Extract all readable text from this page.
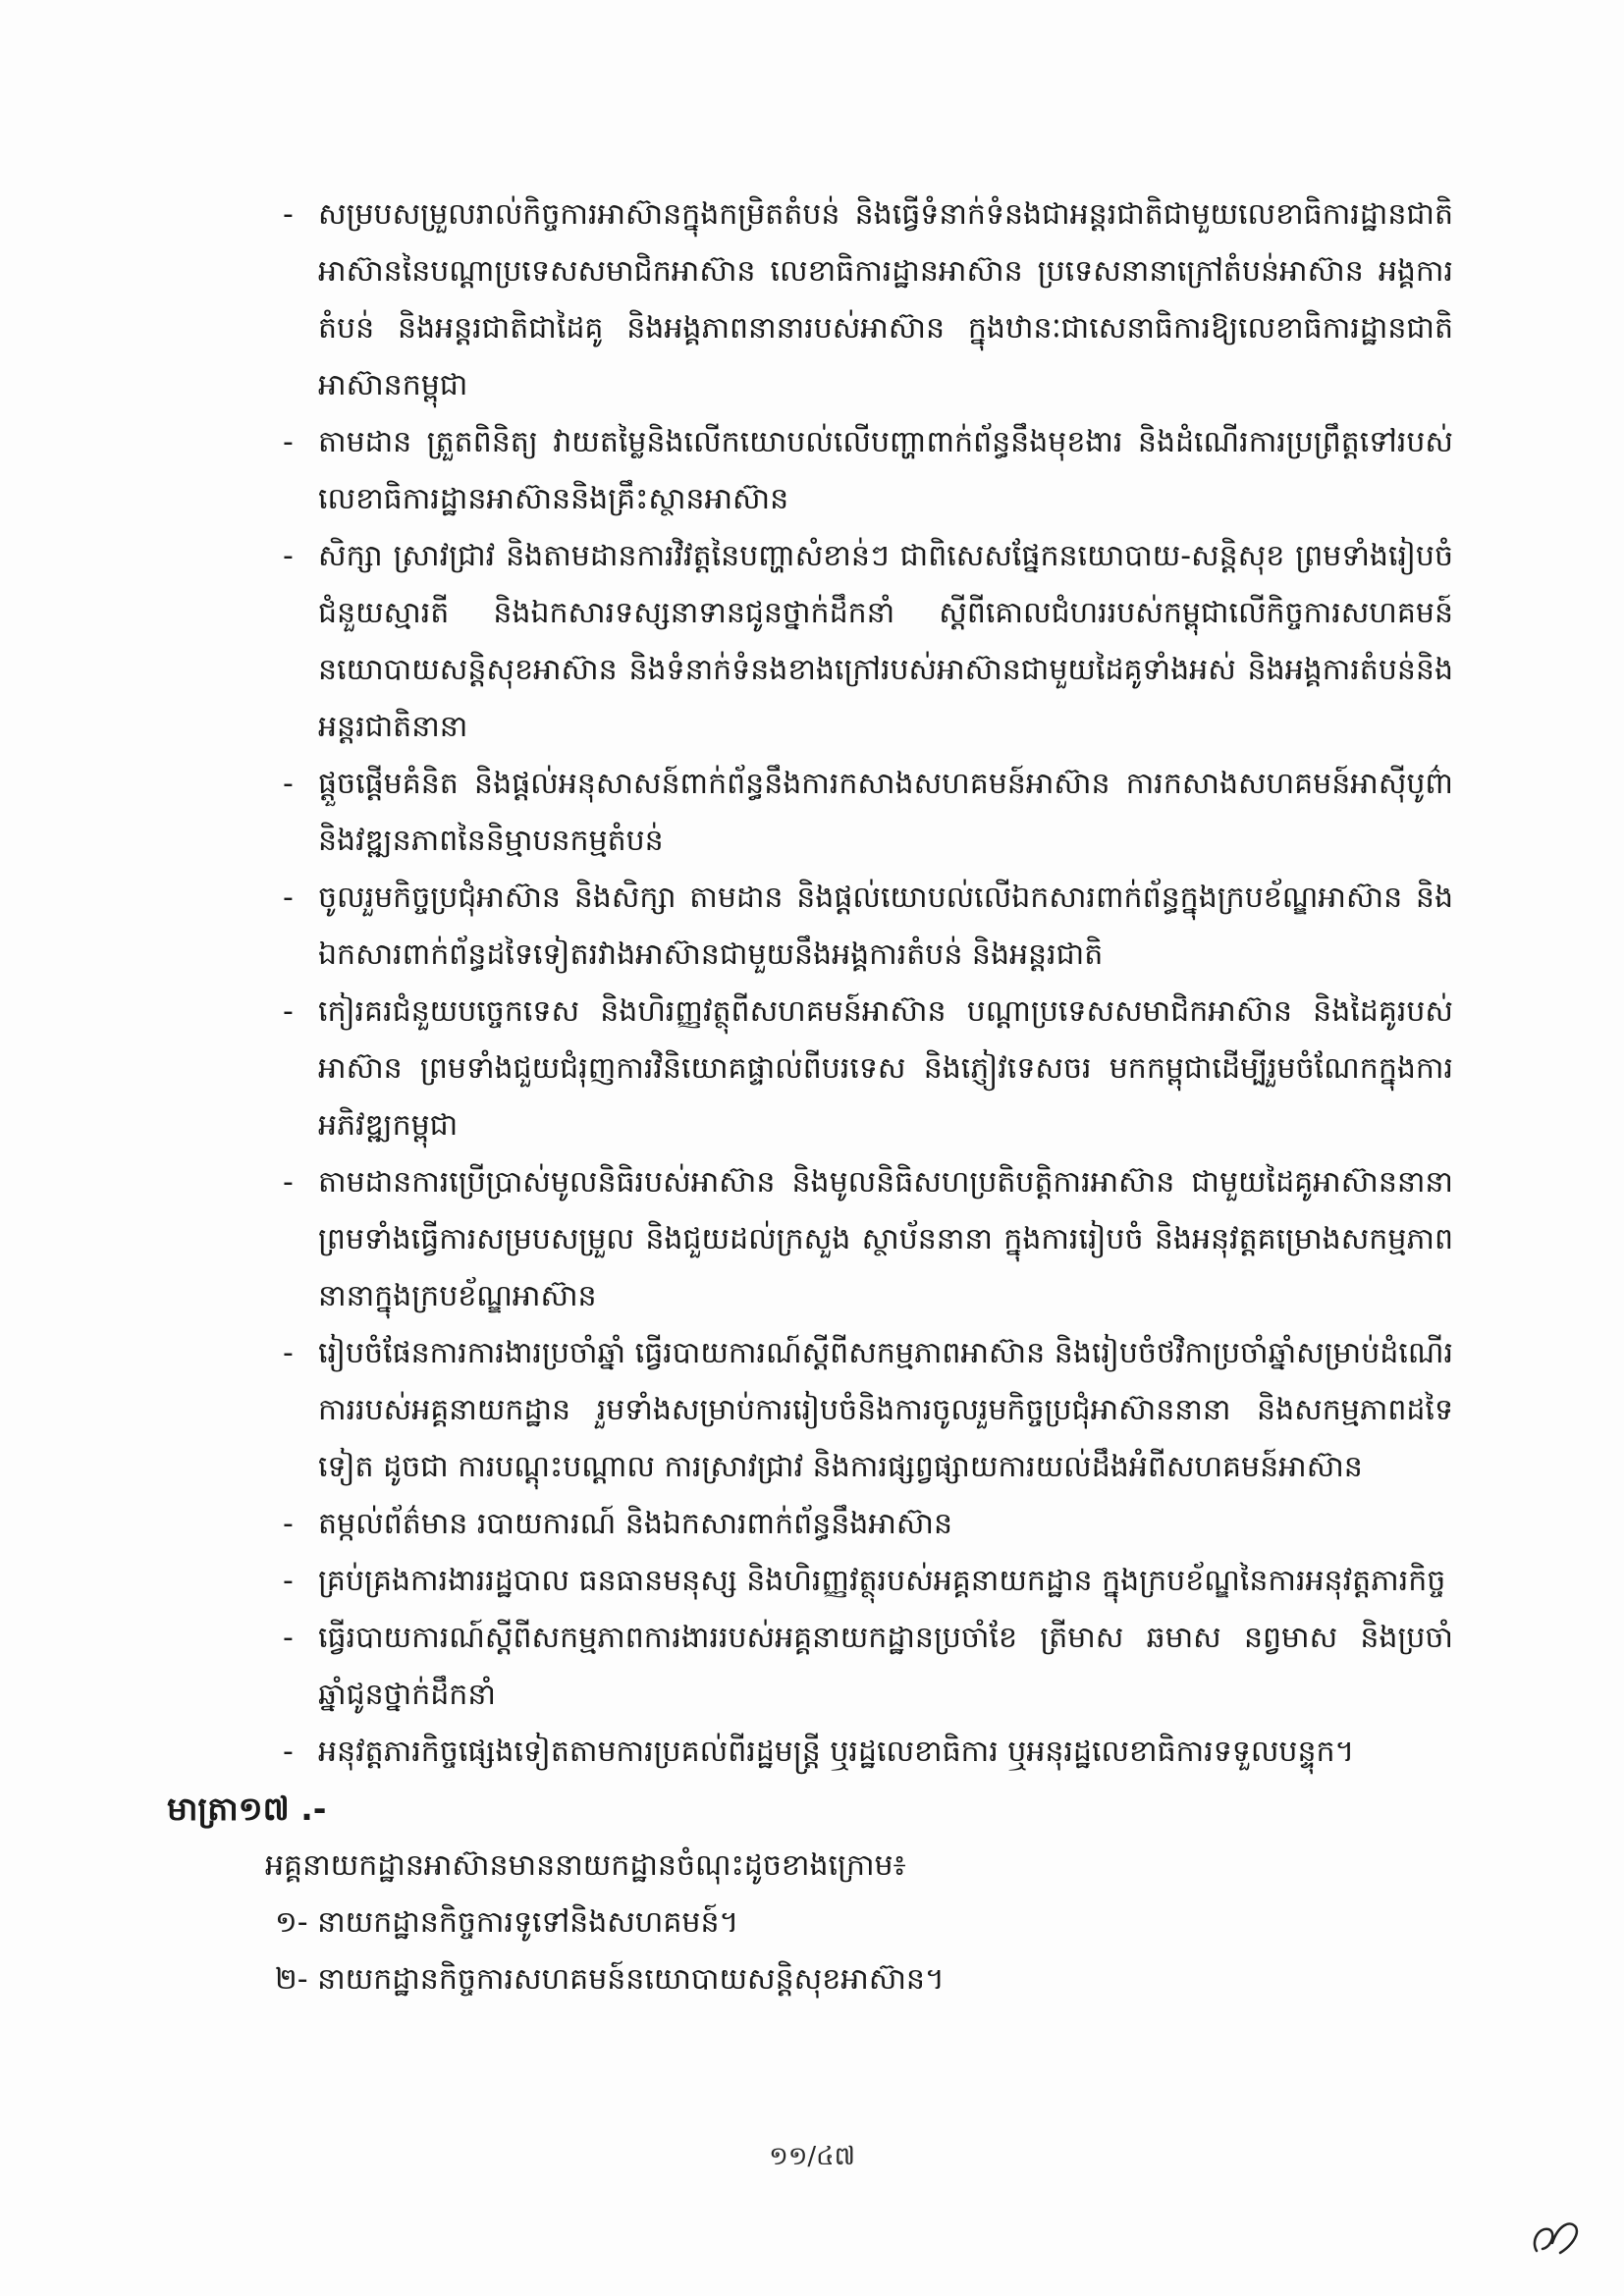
- សម្របសម្រួលរាល់កិច្ចការអាស៊ានក្នុងកម្រិតតំបន់ និងធ្វើទំនាក់ទំនងជាអន្តរជាតិជាមួយលេខាធិការដ្ឋានជាតិអាស៊ាននៃបណ្តាប្រទេសសមាជិកអាស៊ាន លេខាធិការដ្ឋានអាស៊ាន ប្រទេសនានាក្រៅតំបន់អាស៊ាន អង្គការតំបន់ និងអន្តរជាតិជាដៃគូ និងអង្គភាពនានារបស់អាស៊ាន ក្នុងឋានៈជាសេនាធិការឱ្យលេខាធិការដ្ឋានជាតិអាស៊ានកម្ពុជា
- តាមដាន ត្រួតពិនិត្យ វាយតម្លៃនិងលើកយោបល់លើបញ្ហាពាក់ព័ន្ធនឹងមុខងារ និងដំណើរការប្រព្រឹត្តទៅរបស់លេខាធិការដ្ឋានអាស៊ាននិងគ្រឹះស្ថានអាស៊ាន
- សិក្សា ស្រាវជ្រាវ និងតាមដានការវិវត្តនៃបញ្ហាសំខាន់ៗ ជាពិសេសផ្នែកនយោបាយ-សន្តិសុខ ព្រមទាំងរៀបចំជំនួយស្មារតី និងឯកសារទស្សនាទានជូនថ្នាក់ដឹកនាំ ស្តីពីគោលជំហររបស់កម្ពុជាលើកិច្ចការសហគមន៍នយោបាយសន្តិសុខអាស៊ាន និងទំនាក់ទំនងខាងក្រៅរបស់អាស៊ានជាមួយដៃគូទាំងអស់ និងអង្គការតំបន់និងអន្តរជាតិនានា
- ផ្តួចផ្តើមគំនិត និងផ្តល់អនុសាសន៍ពាក់ព័ន្ធនឹងការកសាងសហគមន៍អាស៊ាន ការកសាងសហគមន៍អាស៊ីបូព៌ា និងវឌ្ឍនភាពនៃនិម្មាបនកម្មតំបន់
- ចូលរួមកិច្ចប្រជុំអាស៊ាន និងសិក្សា តាមដាន និងផ្តល់យោបល់លើឯកសារពាក់ព័ន្ធក្នុងក្របខ័ណ្ឌអាស៊ាន និងឯកសារពាក់ព័ន្ធដទៃទៀតរវាងអាស៊ានជាមួយនឹងអង្គការតំបន់ និងអន្តរជាតិ
- កៀរគរជំនួយបច្ចេកទេស និងហិរញ្ញវត្ថុពីសហគមន៍អាស៊ាន បណ្តាប្រទេសសមាជិកអាស៊ាន និងដៃគូរបស់អាស៊ាន ព្រមទាំងជួយជំរុញការវិនិយោគផ្ទាល់ពីបរទេស និងភ្ញៀវទេសចរ មកកម្ពុជាដើម្បីរួមចំណែកក្នុងការអភិវឌ្ឍកម្ពុជា
- តាមដានការប្រើប្រាស់មូលនិធិរបស់អាស៊ាន និងមូលនិធិសហប្រតិបត្តិការអាស៊ាន ជាមួយដៃគូអាស៊ាននានា ព្រមទាំងធ្វើការសម្របសម្រួល និងជួយដល់ក្រសួង ស្ថាប័ននានា ក្នុងការរៀបចំ និងអនុវត្តគម្រោងសកម្មភាពនានាក្នុងក្របខ័ណ្ឌអាស៊ាន
- រៀបចំផែនការការងារប្រចាំឆ្នាំ ធ្វើរបាយការណ៍ស្តីពីសកម្មភាពអាស៊ាន និងរៀបចំថវិកាប្រចាំឆ្នាំសម្រាប់ដំណើរការរបស់អគ្គនាយកដ្ឋាន រួមទាំងសម្រាប់ការរៀបចំនិងការចូលរួមកិច្ចប្រជុំអាស៊ាននានា និងសកម្មភាពដទៃទៀត ដូចជា ការបណ្តុះបណ្តាល ការស្រាវជ្រាវ និងការផ្សព្វផ្សាយការយល់ដឹងអំពីសហគមន៍អាស៊ាន
- តម្កល់ព័ត៌មាន របាយការណ៍ និងឯកសារពាក់ព័ន្ធនឹងអាស៊ាន
- គ្រប់គ្រងការងាររដ្ឋបាល ធនធានមនុស្ស និងហិរញ្ញវត្ថុរបស់អគ្គនាយកដ្ឋាន ក្នុងក្របខ័ណ្ឌនៃការអនុវត្តភារកិច្ច
- ធ្វើរបាយការណ៍ស្តីពីសកម្មភាពការងាររបស់អគ្គនាយកដ្ឋានប្រចាំខែ ត្រីមាស ឆមាស នព្វមាស និងប្រចាំឆ្នាំជូនថ្នាក់ដឹកនាំ
- អនុវត្តភារកិច្ចផ្សេងទៀតតាមការប្រគល់ពីរដ្ឋមន្ត្រី ឬរដ្ឋលេខាធិការ ឬអនុរដ្ឋលេខាធិការទទួលបន្ទុក។
មាត្រា១៧ .-
អគ្គនាយកដ្ឋានអាស៊ានមាននាយកដ្ឋានចំណុះដូចខាងក្រោម៖
១- នាយកដ្ឋានកិច្ចការទូទៅនិងសហគមន៍។
២- នាយកដ្ឋានកិច្ចការសហគមន៍នយោបាយសន្តិសុខអាស៊ាន។
១១/៤៧
